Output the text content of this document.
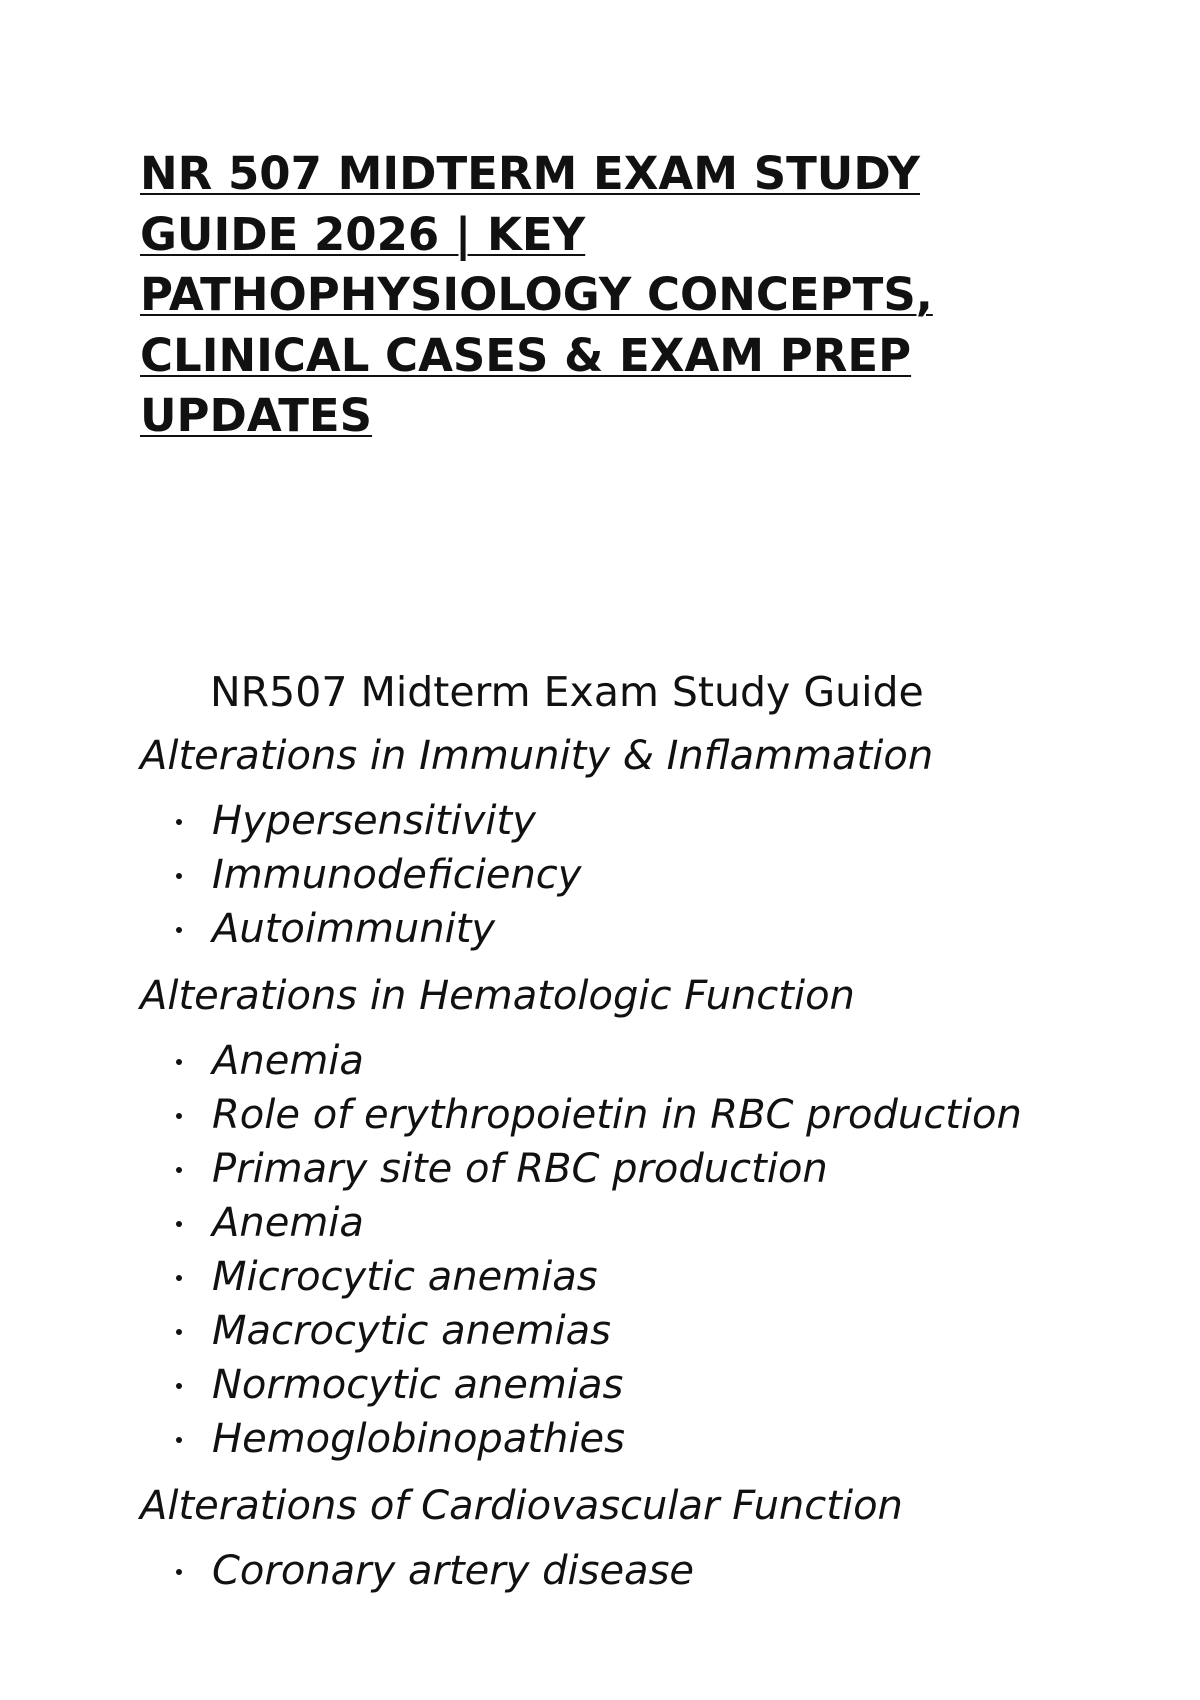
NR 507 MIDTERM EXAM STUDY
GUIDE 2026 | KEY
PATHOPHYSIOLOGY CONCEPTS,
CLINICAL CASES & EXAM PREP
UPDATES
NR507 Midterm Exam Study Guide
Alterations in Immunity & Inflammation
Hypersensitivity
Immunodeficiency
Autoimmunity
Alterations in Hematologic Function
Anemia
Role of erythropoietin in RBC production
Primary site of RBC production
Anemia
Microcytic anemias
Macrocytic anemias
Normocytic anemias
Hemoglobinopathies
Alterations of Cardiovascular Function
Coronary artery disease
